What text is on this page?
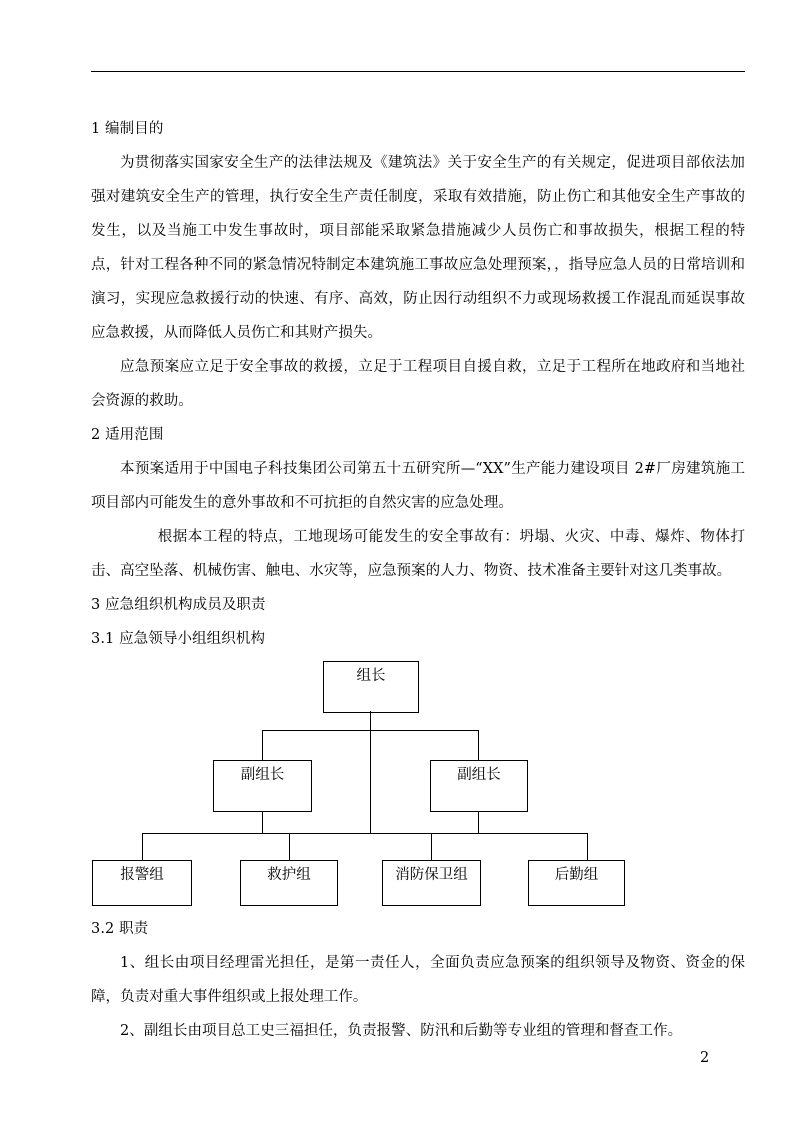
1 编制目的

为贯彻落实国家安全生产的法律法规及《建筑法》关于安全生产的有关规定，促进项目部依法加强对建筑安全生产的管理，执行安全生产责任制度，采取有效措施，防止伤亡和其他安全生产事故的发生，以及当施工中发生事故时，项目部能采取紧急措施减少人员伤亡和事故损失，根据工程的特点，针对工程各种不同的紧急情况特制定本建筑施工事故应急处理预案，，指导应急人员的日常培训和演习，实现应急救援行动的快速、有序、高效，防止因行动组织不力或现场救援工作混乱而延误事故应急救援，从而降低人员伤亡和其财产损失。

应急预案应立足于安全事故的救援，立足于工程项目自援自救，立足于工程所在地政府和当地社会资源的救助。

2 适用范围

本预案适用于中国电子科技集团公司第五十五研究所—“XX”生产能力建设项目 2#厂房建筑施工项目部内可能发生的意外事故和不可抗拒的自然灾害的应急处理。

根据本工程的特点，工地现场可能发生的安全事故有：坍塌、火灾、中毒、爆炸、物体打击、高空坠落、机械伤害、触电、水灾等，应急预案的人力、物资、技术准备主要针对这几类事故。

3 应急组织机构成员及职责

3.1 应急领导小组组织机构

组长
副组长	副组长
报警组	救护组	消防保卫组	后勤组

3.2 职责

1、组长由项目经理雷光担任，是第一责任人，全面负责应急预案的组织领导及物资、资金的保障，负责对重大事件组织或上报处理工作。

2、副组长由项目总工史三福担任，负责报警、防汛和后勤等专业组的管理和督查工作。

2
